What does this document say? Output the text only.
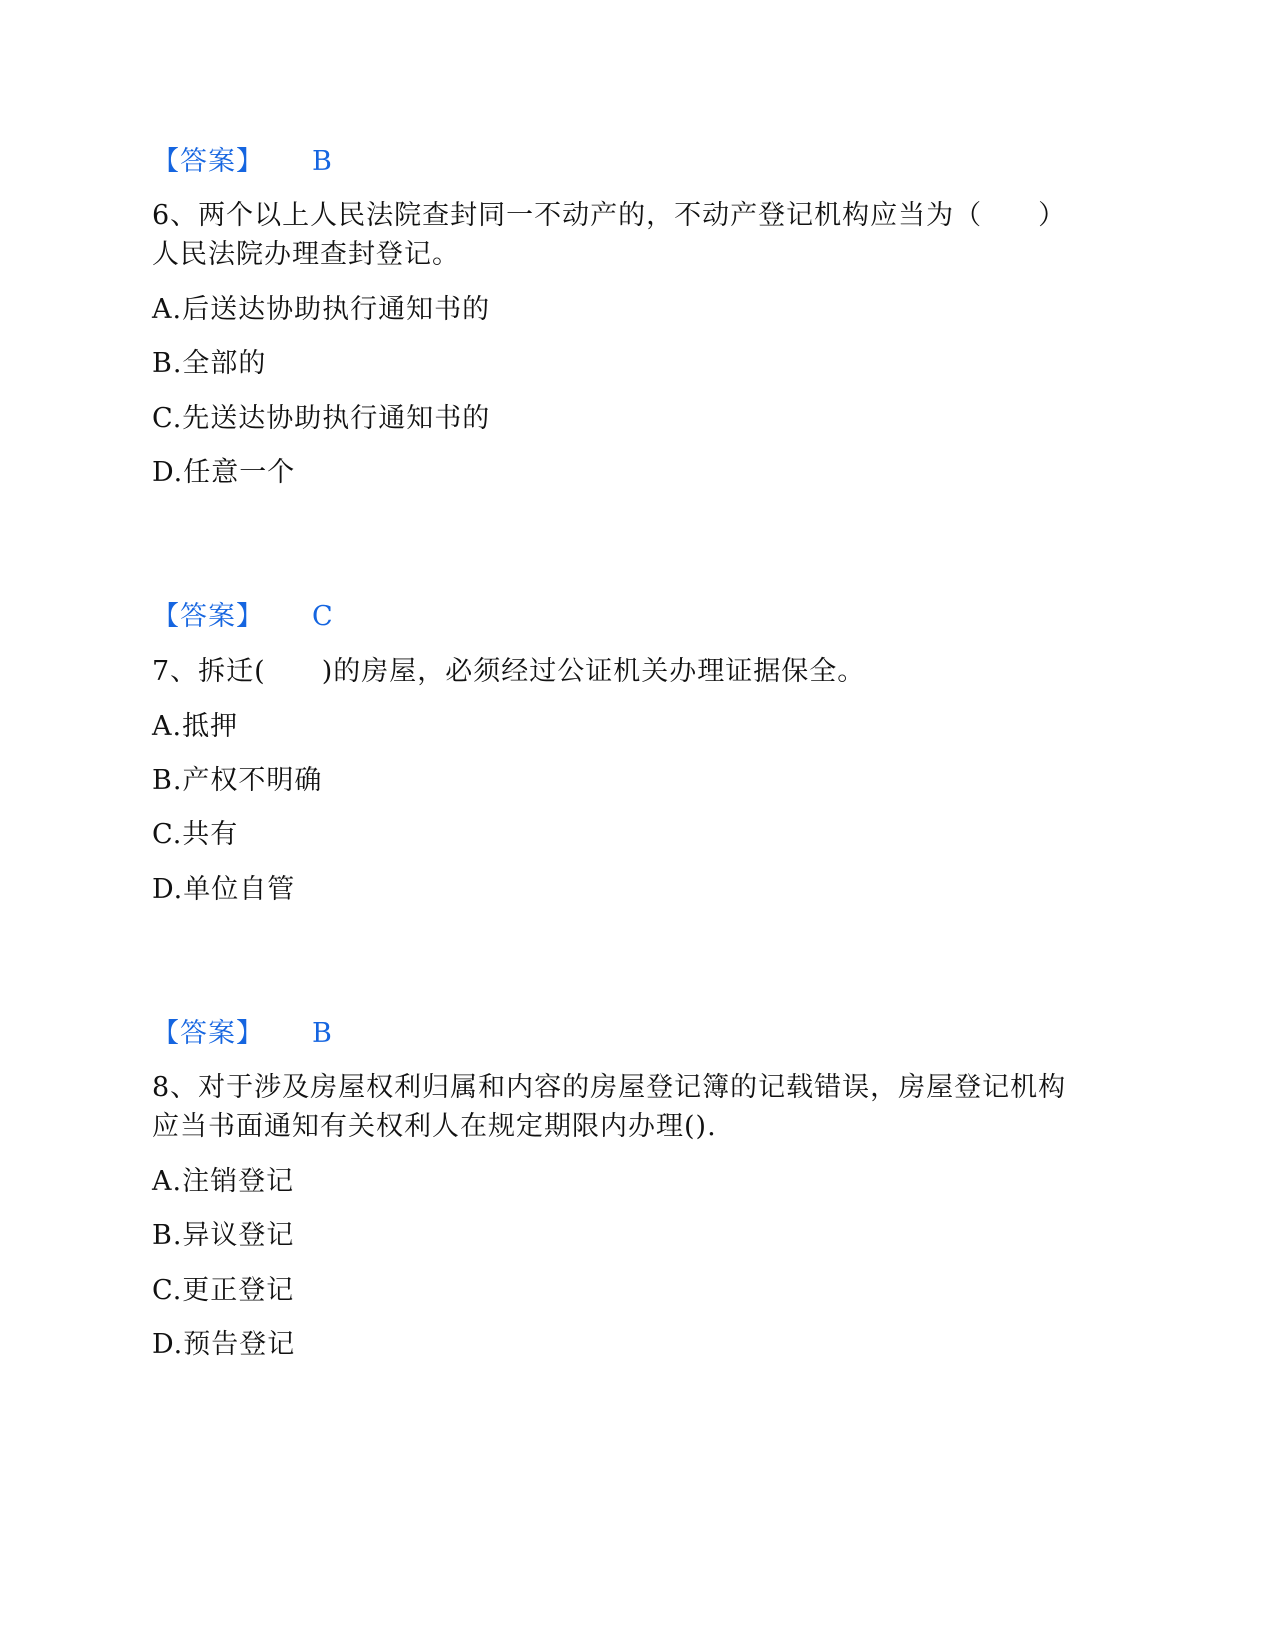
【答案】 B
6、两个以上人民法院查封同一不动产的，不动产登记机构应当为（　　）
人民法院办理查封登记。
A.后送达协助执行通知书的
B.全部的
C.先送达协助执行通知书的
D.任意一个
【答案】 C
7、拆迁(　　)的房屋，必须经过公证机关办理证据保全。
A.抵押
B.产权不明确
C.共有
D.单位自管
【答案】 B
8、对于涉及房屋权利归属和内容的房屋登记簿的记载错误，房屋登记机构
应当书面通知有关权利人在规定期限内办理().
A.注销登记
B.异议登记
C.更正登记
D.预告登记
